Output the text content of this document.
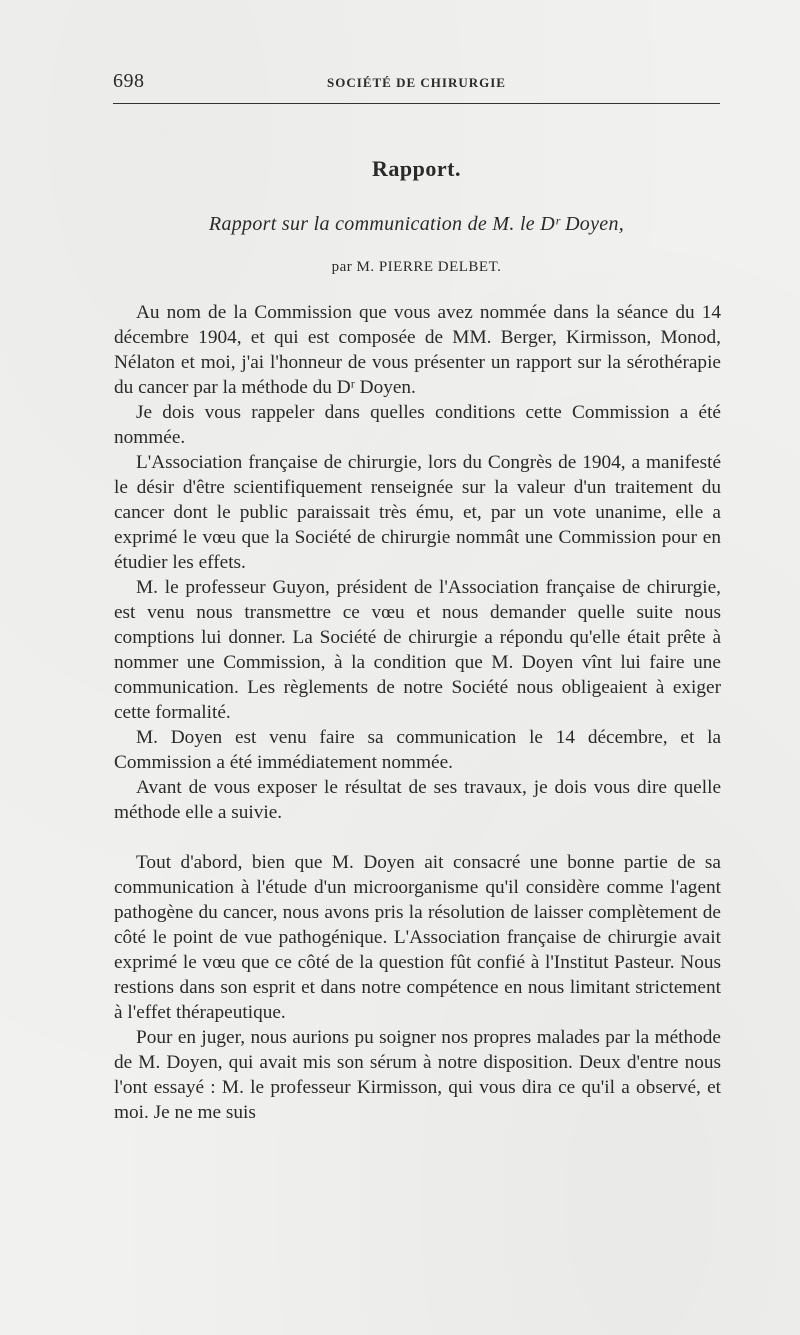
698	SOCIÉTÉ DE CHIRURGIE
Rapport.
Rapport sur la communication de M. le Dʳ Doyen,
par M. PIERRE DELBET.

Au nom de la Commission que vous avez nommée dans la séance du 14 décembre 1904, et qui est composée de MM. Berger, Kirmisson, Monod, Nélaton et moi, j'ai l'honneur de vous présenter un rapport sur la sérothérapie du cancer par la méthode du Dʳ Doyen.

Je dois vous rappeler dans quelles conditions cette Commission a été nommée.

L'Association française de chirurgie, lors du Congrès de 1904, a manifesté le désir d'être scientifiquement renseignée sur la valeur d'un traitement du cancer dont le public paraissait très ému, et, par un vote unanime, elle a exprimé le vœu que la Société de chirurgie nommât une Commission pour en étudier les effets.

M. le professeur Guyon, président de l'Association française de chirurgie, est venu nous transmettre ce vœu et nous demander quelle suite nous comptions lui donner. La Société de chirurgie a répondu qu'elle était prête à nommer une Commission, à la condition que M. Doyen vînt lui faire une communication. Les règlements de notre Société nous obligeaient à exiger cette formalité.

M. Doyen est venu faire sa communication le 14 décembre, et la Commission a été immédiatement nommée.

Avant de vous exposer le résultat de ses travaux, je dois vous dire quelle méthode elle a suivie.

Tout d'abord, bien que M. Doyen ait consacré une bonne partie de sa communication à l'étude d'un microorganisme qu'il considère comme l'agent pathogène du cancer, nous avons pris la résolution de laisser complètement de côté le point de vue pathogénique. L'Association française de chirurgie avait exprimé le vœu que ce côté de la question fût confié à l'Institut Pasteur. Nous restions dans son esprit et dans notre compétence en nous limitant strictement à l'effet thérapeutique.

Pour en juger, nous aurions pu soigner nos propres malades par la méthode de M. Doyen, qui avait mis son sérum à notre disposition. Deux d'entre nous l'ont essayé : M. le professeur Kirmisson, qui vous dira ce qu'il a observé, et moi. Je ne me suis
